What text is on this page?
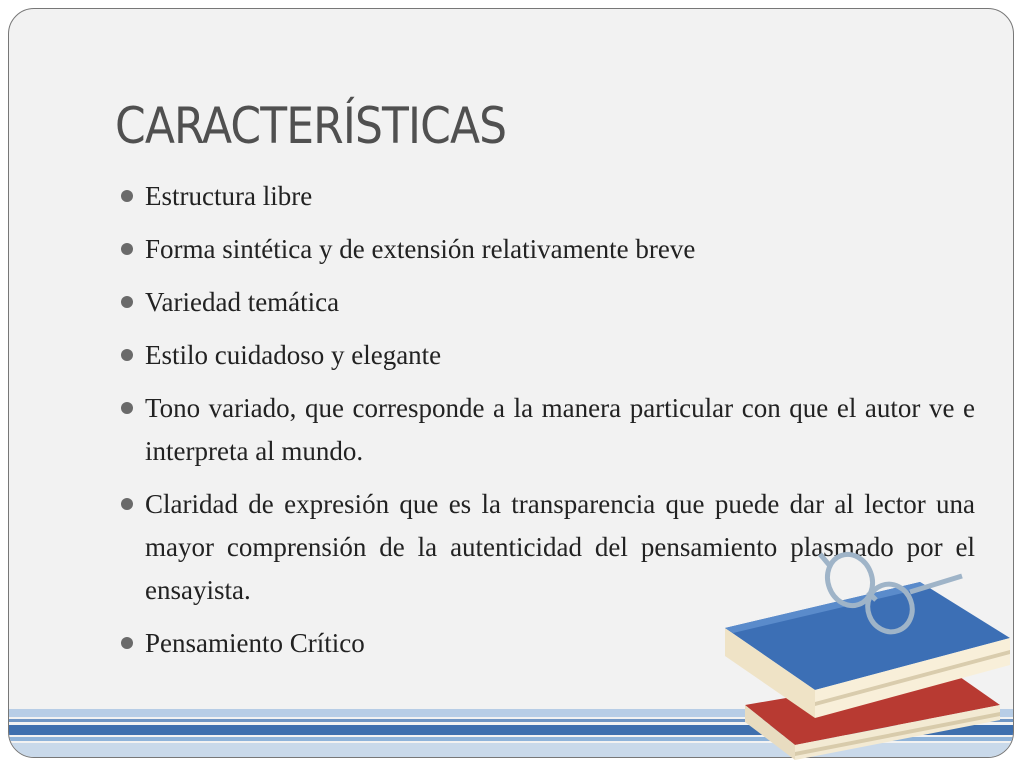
CARACTERÍSTICAS
Estructura libre
Forma sintética y de extensión relativamente breve
Variedad temática
Estilo cuidadoso y elegante
Tono variado, que corresponde a la manera particular con que el autor ve e interpreta al mundo.
Claridad de expresión que es la transparencia que puede dar al lector una mayor comprensión de la autenticidad del pensamiento plasmado por el ensayista.
Pensamiento Crítico
